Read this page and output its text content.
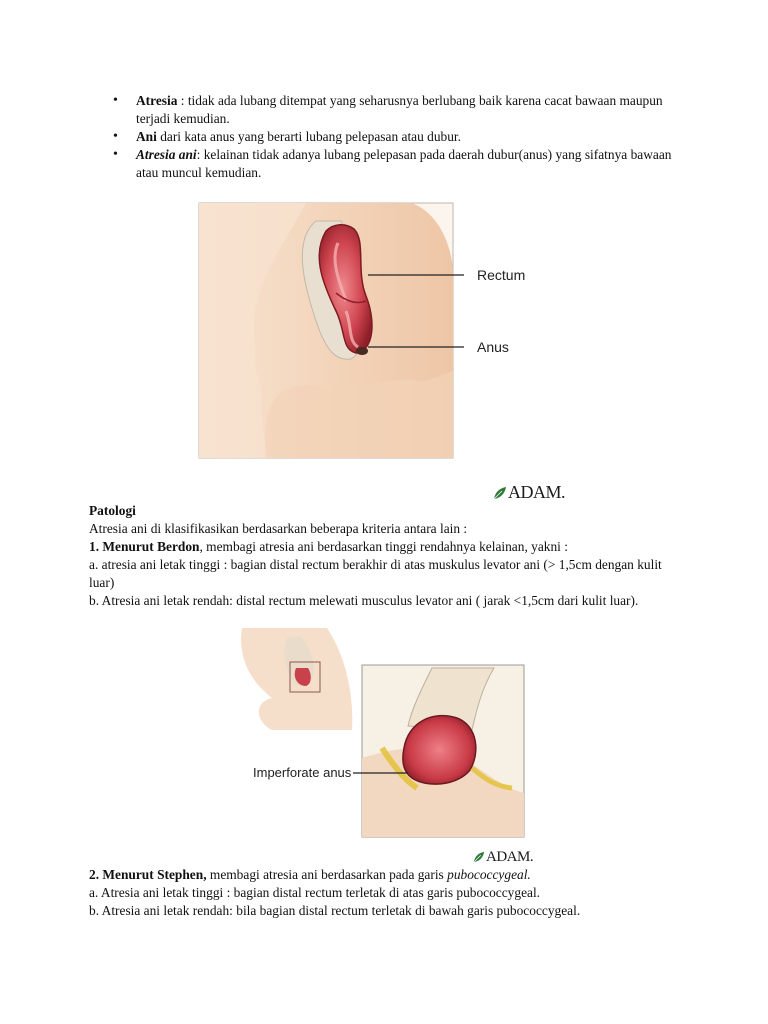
• Atresia : tidak ada lubang ditempat yang seharusnya berlubang baik karena cacat bawaan maupun terjadi kemudian.
• Ani dari kata anus yang berarti lubang pelepasan atau dubur.
• Atresia ani: kelainan tidak adanya lubang pelepasan pada daerah dubur(anus) yang sifatnya bawaan atau muncul kemudian.
Rectum
Anus
ADAM.

Patologi

Atresia ani di klasifikasikan berdasarkan beberapa kriteria antara lain :

1. Menurut Berdon, membagi atresia ani berdasarkan tinggi rendahnya kelainan, yakni :

a. atresia ani letak tinggi : bagian distal rectum berakhir di atas muskulus levator ani (> 1,5cm dengan kulit luar)

b. Atresia ani letak rendah: distal rectum melewati musculus levator ani ( jarak <1,5cm dari kulit luar).

Imperforate anus
ADAM.

2. Menurut Stephen, membagi atresia ani berdasarkan pada garis pubococcygeal.

a. Atresia ani letak tinggi : bagian distal rectum terletak di atas garis pubococcygeal.

b. Atresia ani letak rendah: bila bagian distal rectum terletak di bawah garis pubococcygeal.
